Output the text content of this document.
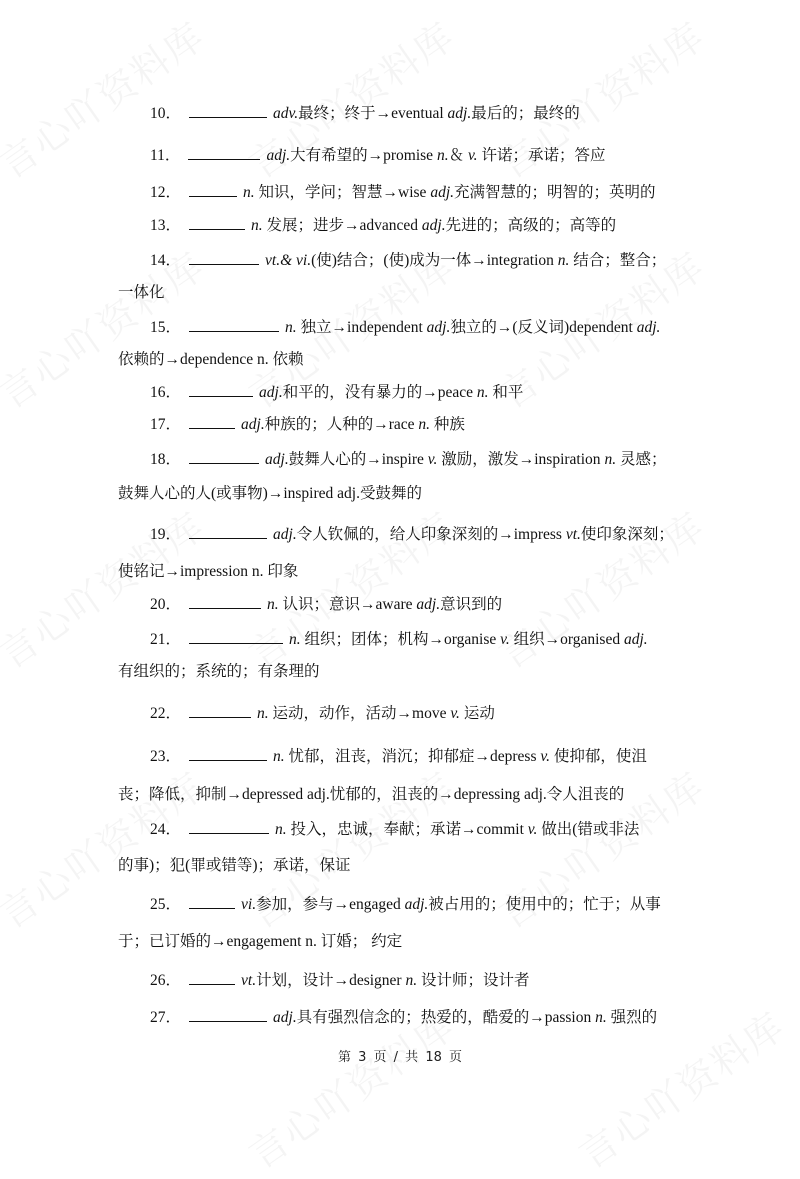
10．	adv.最终；终于→eventual adj.最后的；最终的
11．	adj.大有希望的→promise n.＆ v. 许诺；承诺；答应
12．	n. 知识，学问；智慧→wise adj.充满智慧的；明智的；英明的
13．	n. 发展；进步→advanced adj.先进的；高级的；高等的
14．	vt.& vi.(使)结合；(使)成为一体→integration n. 结合；整合；
一体化
15．	n. 独立→independent adj.独立的→(反义词)dependent adj.
依赖的→dependence n. 依赖
16．	adj.和平的，没有暴力的→peace n. 和平
17．	adj.种族的；人种的→race n. 种族
18．	adj.鼓舞人心的→inspire v. 激励，激发→inspiration n. 灵感；
鼓舞人心的人(或事物)→inspired adj.受鼓舞的
19．	adj.令人钦佩的，给人印象深刻的→impress vt.使印象深刻；
使铭记→impression n. 印象
20．	n. 认识；意识→aware adj.意识到的
21．	n. 组织；团体；机构→organise v. 组织→organised adj.
有组织的；系统的；有条理的
22．	n. 运动，动作，活动→move v. 运动
23．	n. 忧郁，沮丧，消沉；抑郁症→depress v. 使抑郁，使沮
丧；降低，抑制→depressed adj.忧郁的，沮丧的→depressing adj.令人沮丧的
24．	n. 投入，忠诚，奉献；承诺→commit v. 做出(错或非法
的事)；犯(罪或错等)；承诺，保证
25．	vi.参加，参与→engaged adj.被占用的；使用中的；忙于；从事
于；已订婚的→engagement n. 订婚； 约定
26．	vt.计划，设计→designer n. 设计师；设计者
27．	adj.具有强烈信念的；热爱的，酷爱的→passion n. 强烈的
第 3 页 / 共 18 页
